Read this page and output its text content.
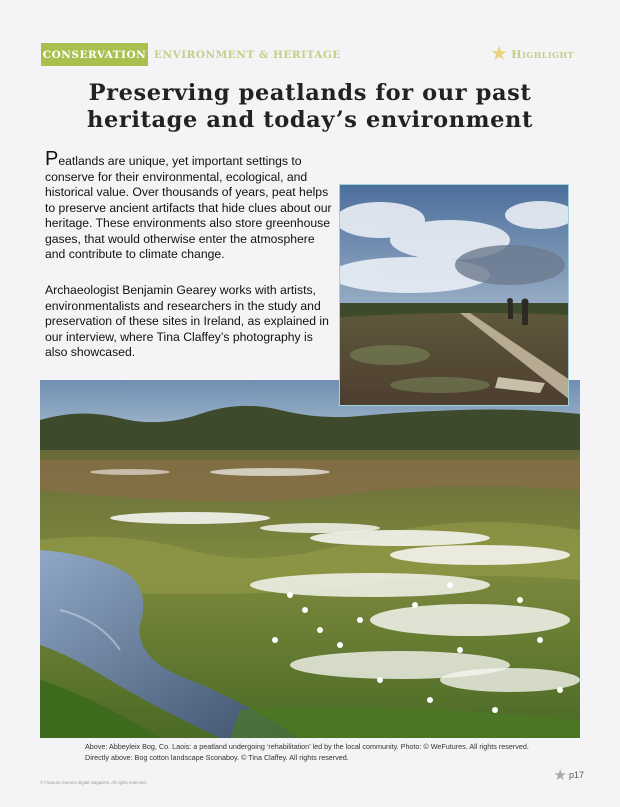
CONSERVATION ENVIRONMENT & HERITAGE	★ Highlight
Preserving peatlands for our past heritage and today’s environment

Peatlands are unique, yet important settings to conserve for their environmental, ecological, and historical value. Over thousands of years, peat helps to preserve ancient artifacts that hide clues about our heritage. These environments also store greenhouse gases, that would otherwise enter the atmosphere and contribute to climate change.

Archaeologist Benjamin Gearey works with artists, environmentalists and researchers in the study and preservation of these sites in Ireland, as explained in our interview, where Tina Claffey’s photography is also showcased.

Above: Abbeyleix Bog, Co. Laois: a peatland undergoing ‘rehabilitation’ led by the local community. Photo: © WeFutures. All rights reserved.
Directly above: Bog cotton landscape Sconaboy. © Tina Claffey. All rights reserved.

© Futurum Careers digital magazine. All rights reserved.	★ p17
